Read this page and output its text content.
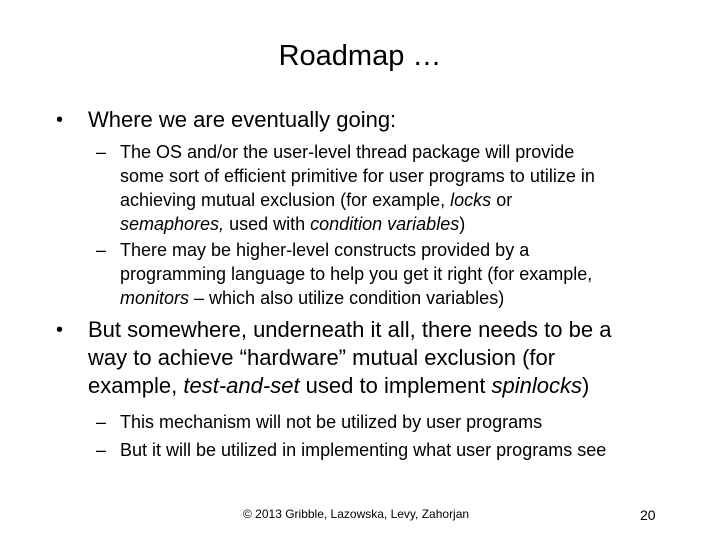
Roadmap …
• Where we are eventually going:
– The OS and/or the user-level thread package will provide
some sort of efficient primitive for user programs to utilize in
achieving mutual exclusion (for example, locks or
semaphores, used with condition variables)
– There may be higher-level constructs provided by a
programming language to help you get it right (for example,
monitors – which also utilize condition variables)
• But somewhere, underneath it all, there needs to be a
way to achieve “hardware” mutual exclusion (for
example, test-and-set used to implement spinlocks)
– This mechanism will not be utilized by user programs
– But it will be utilized in implementing what user programs see
© 2013 Gribble, Lazowska, Levy, Zahorjan	20
